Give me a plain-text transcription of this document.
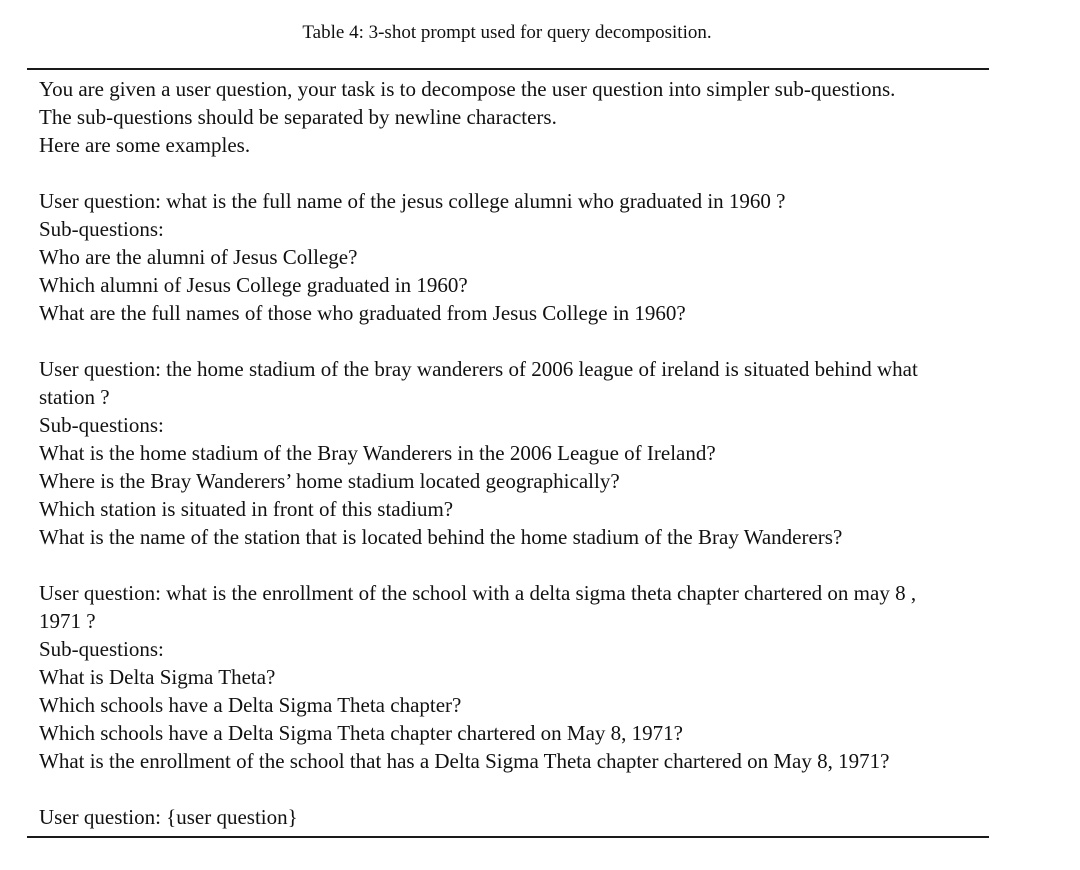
Table 4: 3-shot prompt used for query decomposition.
You are given a user question, your task is to decompose the user question into simpler sub-questions.
The sub-questions should be separated by newline characters.
Here are some examples.
User question: what is the full name of the jesus college alumni who graduated in 1960 ?
Sub-questions:
Who are the alumni of Jesus College?
Which alumni of Jesus College graduated in 1960?
What are the full names of those who graduated from Jesus College in 1960?
User question: the home stadium of the bray wanderers of 2006 league of ireland is situated behind what
station ?
Sub-questions:
What is the home stadium of the Bray Wanderers in the 2006 League of Ireland?
Where is the Bray Wanderers’ home stadium located geographically?
Which station is situated in front of this stadium?
What is the name of the station that is located behind the home stadium of the Bray Wanderers?
User question: what is the enrollment of the school with a delta sigma theta chapter chartered on may 8 ,
1971 ?
Sub-questions:
What is Delta Sigma Theta?
Which schools have a Delta Sigma Theta chapter?
Which schools have a Delta Sigma Theta chapter chartered on May 8, 1971?
What is the enrollment of the school that has a Delta Sigma Theta chapter chartered on May 8, 1971?
User question: {user question}
